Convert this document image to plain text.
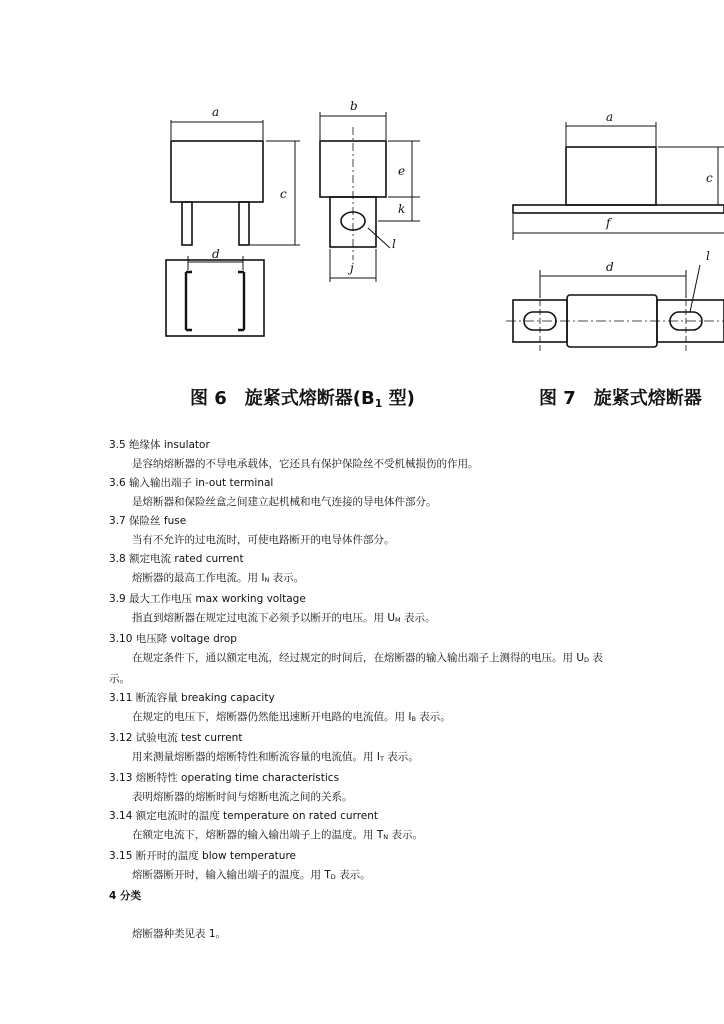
a
c
b
e
k
l
j
d
a
c
f
d
l
图 6 旋紧式熔断器(B1 型)	图 7 旋紧式熔断器

3.5 绝缘体 insulator

是容纳熔断器的不导电承载体，它还具有保护保险丝不受机械损伤的作用。

3.6 输入输出端子 in-out terminal

是熔断器和保险丝盒之间建立起机械和电气连接的导电体件部分。

3.7 保险丝 fuse

当有不允许的过电流时，可使电路断开的电导体件部分。

3.8 额定电流 rated current

熔断器的最高工作电流。用 $I_N$ 表示。

3.9 最大工作电压 max working voltage

指直到熔断器在规定过电流下必须予以断开的电压。用 $U_M$ 表示。

3.10 电压降 voltage drop

在规定条件下，通以额定电流，经过规定的时间后，在熔断器的输入输出端子上测得的电压。用 $U_D$ 表

示。

3.11 断流容量 breaking capacity

在规定的电压下，熔断器仍然能迅速断开电路的电流值。用 $I_B$ 表示。

3.12 试验电流 test current

用来测量熔断器的熔断特性和断流容量的电流值。用 $I_T$ 表示。

3.13 熔断特性 operating time characteristics

表明熔断器的熔断时间与熔断电流之间的关系。

3.14 额定电流时的温度 temperature on rated current

在额定电流下，熔断器的输入输出端子上的温度。用 $T_N$ 表示。

3.15 断开时的温度 blow temperature

熔断器断开时，输入输出端子的温度。用 $T_D$ 表示。

4 分类

熔断器种类见表 1。
